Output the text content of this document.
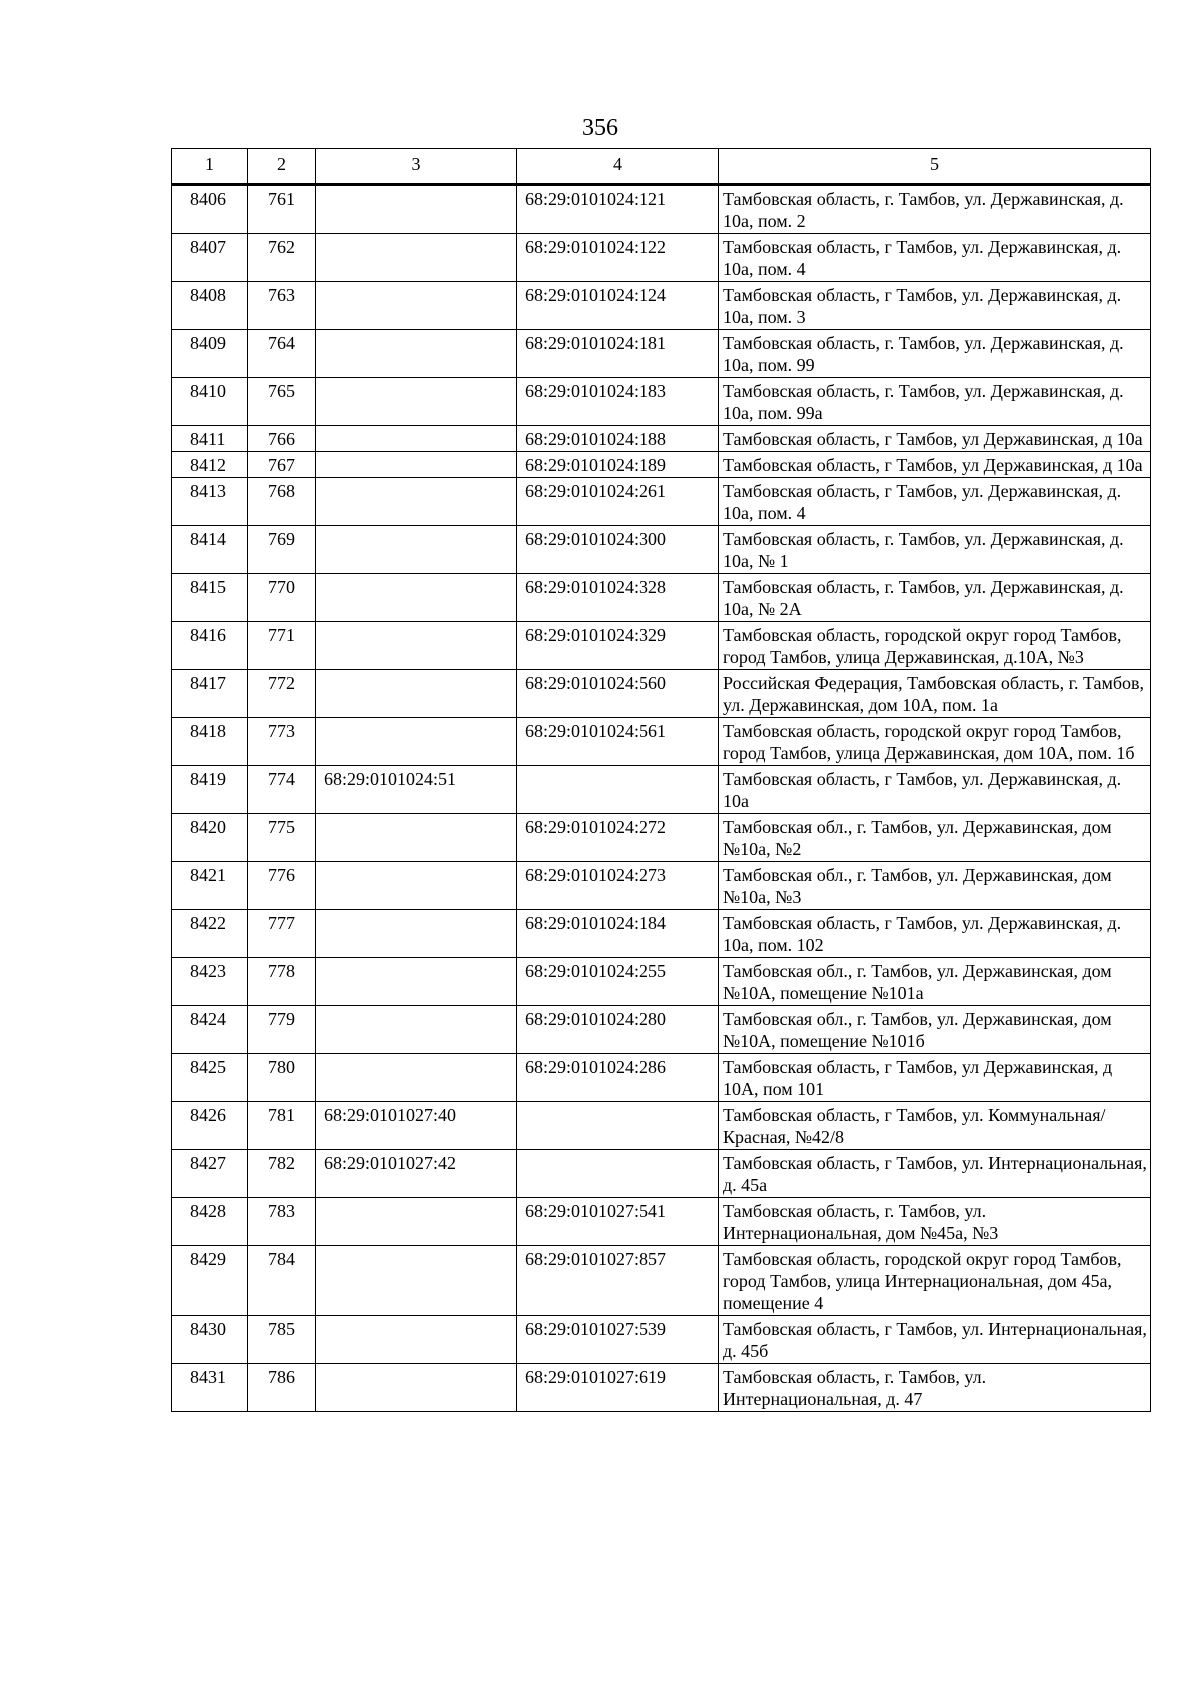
356
1	2	3	4	5
8406	761		68:29:0101024:121	Тамбовская область, г. Тамбов, ул. Державинская, д. 10а, пом. 2
8407	762		68:29:0101024:122	Тамбовская область, г Тамбов, ул. Державинская, д. 10а, пом. 4
8408	763		68:29:0101024:124	Тамбовская область, г Тамбов, ул. Державинская, д. 10а, пом. 3
8409	764		68:29:0101024:181	Тамбовская область, г. Тамбов, ул. Державинская, д. 10а, пом. 99
8410	765		68:29:0101024:183	Тамбовская область, г. Тамбов, ул. Державинская, д. 10а, пом. 99а
8411	766		68:29:0101024:188	Тамбовская область, г Тамбов, ул Державинская, д 10а
8412	767		68:29:0101024:189	Тамбовская область, г Тамбов, ул Державинская, д 10а
8413	768		68:29:0101024:261	Тамбовская область, г Тамбов, ул. Державинская, д. 10а, пом. 4
8414	769		68:29:0101024:300	Тамбовская область, г. Тамбов, ул. Державинская, д. 10а, № 1
8415	770		68:29:0101024:328	Тамбовская область, г. Тамбов, ул. Державинская, д. 10а, № 2А
8416	771		68:29:0101024:329	Тамбовская область, городской округ город Тамбов, город Тамбов, улица Державинская, д.10А, №3
8417	772		68:29:0101024:560	Российская Федерация, Тамбовская область, г. Тамбов, ул. Державинская, дом 10А, пом. 1а
8418	773		68:29:0101024:561	Тамбовская область, городской округ город Тамбов, город Тамбов, улица Державинская, дом 10А, пом. 1б
8419	774	68:29:0101024:51		Тамбовская область, г Тамбов, ул. Державинская, д. 10а
8420	775		68:29:0101024:272	Тамбовская обл., г. Тамбов, ул. Державинская, дом №10а, №2
8421	776		68:29:0101024:273	Тамбовская обл., г. Тамбов, ул. Державинская, дом №10а, №3
8422	777		68:29:0101024:184	Тамбовская область, г Тамбов, ул. Державинская, д. 10а, пом. 102
8423	778		68:29:0101024:255	Тамбовская обл., г. Тамбов, ул. Державинская, дом №10А, помещение №101а
8424	779		68:29:0101024:280	Тамбовская обл., г. Тамбов, ул. Державинская, дом №10А, помещение №101б
8425	780		68:29:0101024:286	Тамбовская область, г Тамбов, ул Державинская, д 10А, пом 101
8426	781	68:29:0101027:40		Тамбовская область, г Тамбов, ул. Коммунальная/Красная, №42/8
8427	782	68:29:0101027:42		Тамбовская область, г Тамбов, ул. Интернациональная, д. 45а
8428	783		68:29:0101027:541	Тамбовская область, г. Тамбов, ул. Интернациональная, дом №45а, №3
8429	784		68:29:0101027:857	Тамбовская область, городской округ город Тамбов, город Тамбов, улица Интернациональная, дом 45а, помещение 4
8430	785		68:29:0101027:539	Тамбовская область, г Тамбов, ул. Интернациональная, д. 45б
8431	786		68:29:0101027:619	Тамбовская область, г. Тамбов, ул. Интернациональная, д. 47
